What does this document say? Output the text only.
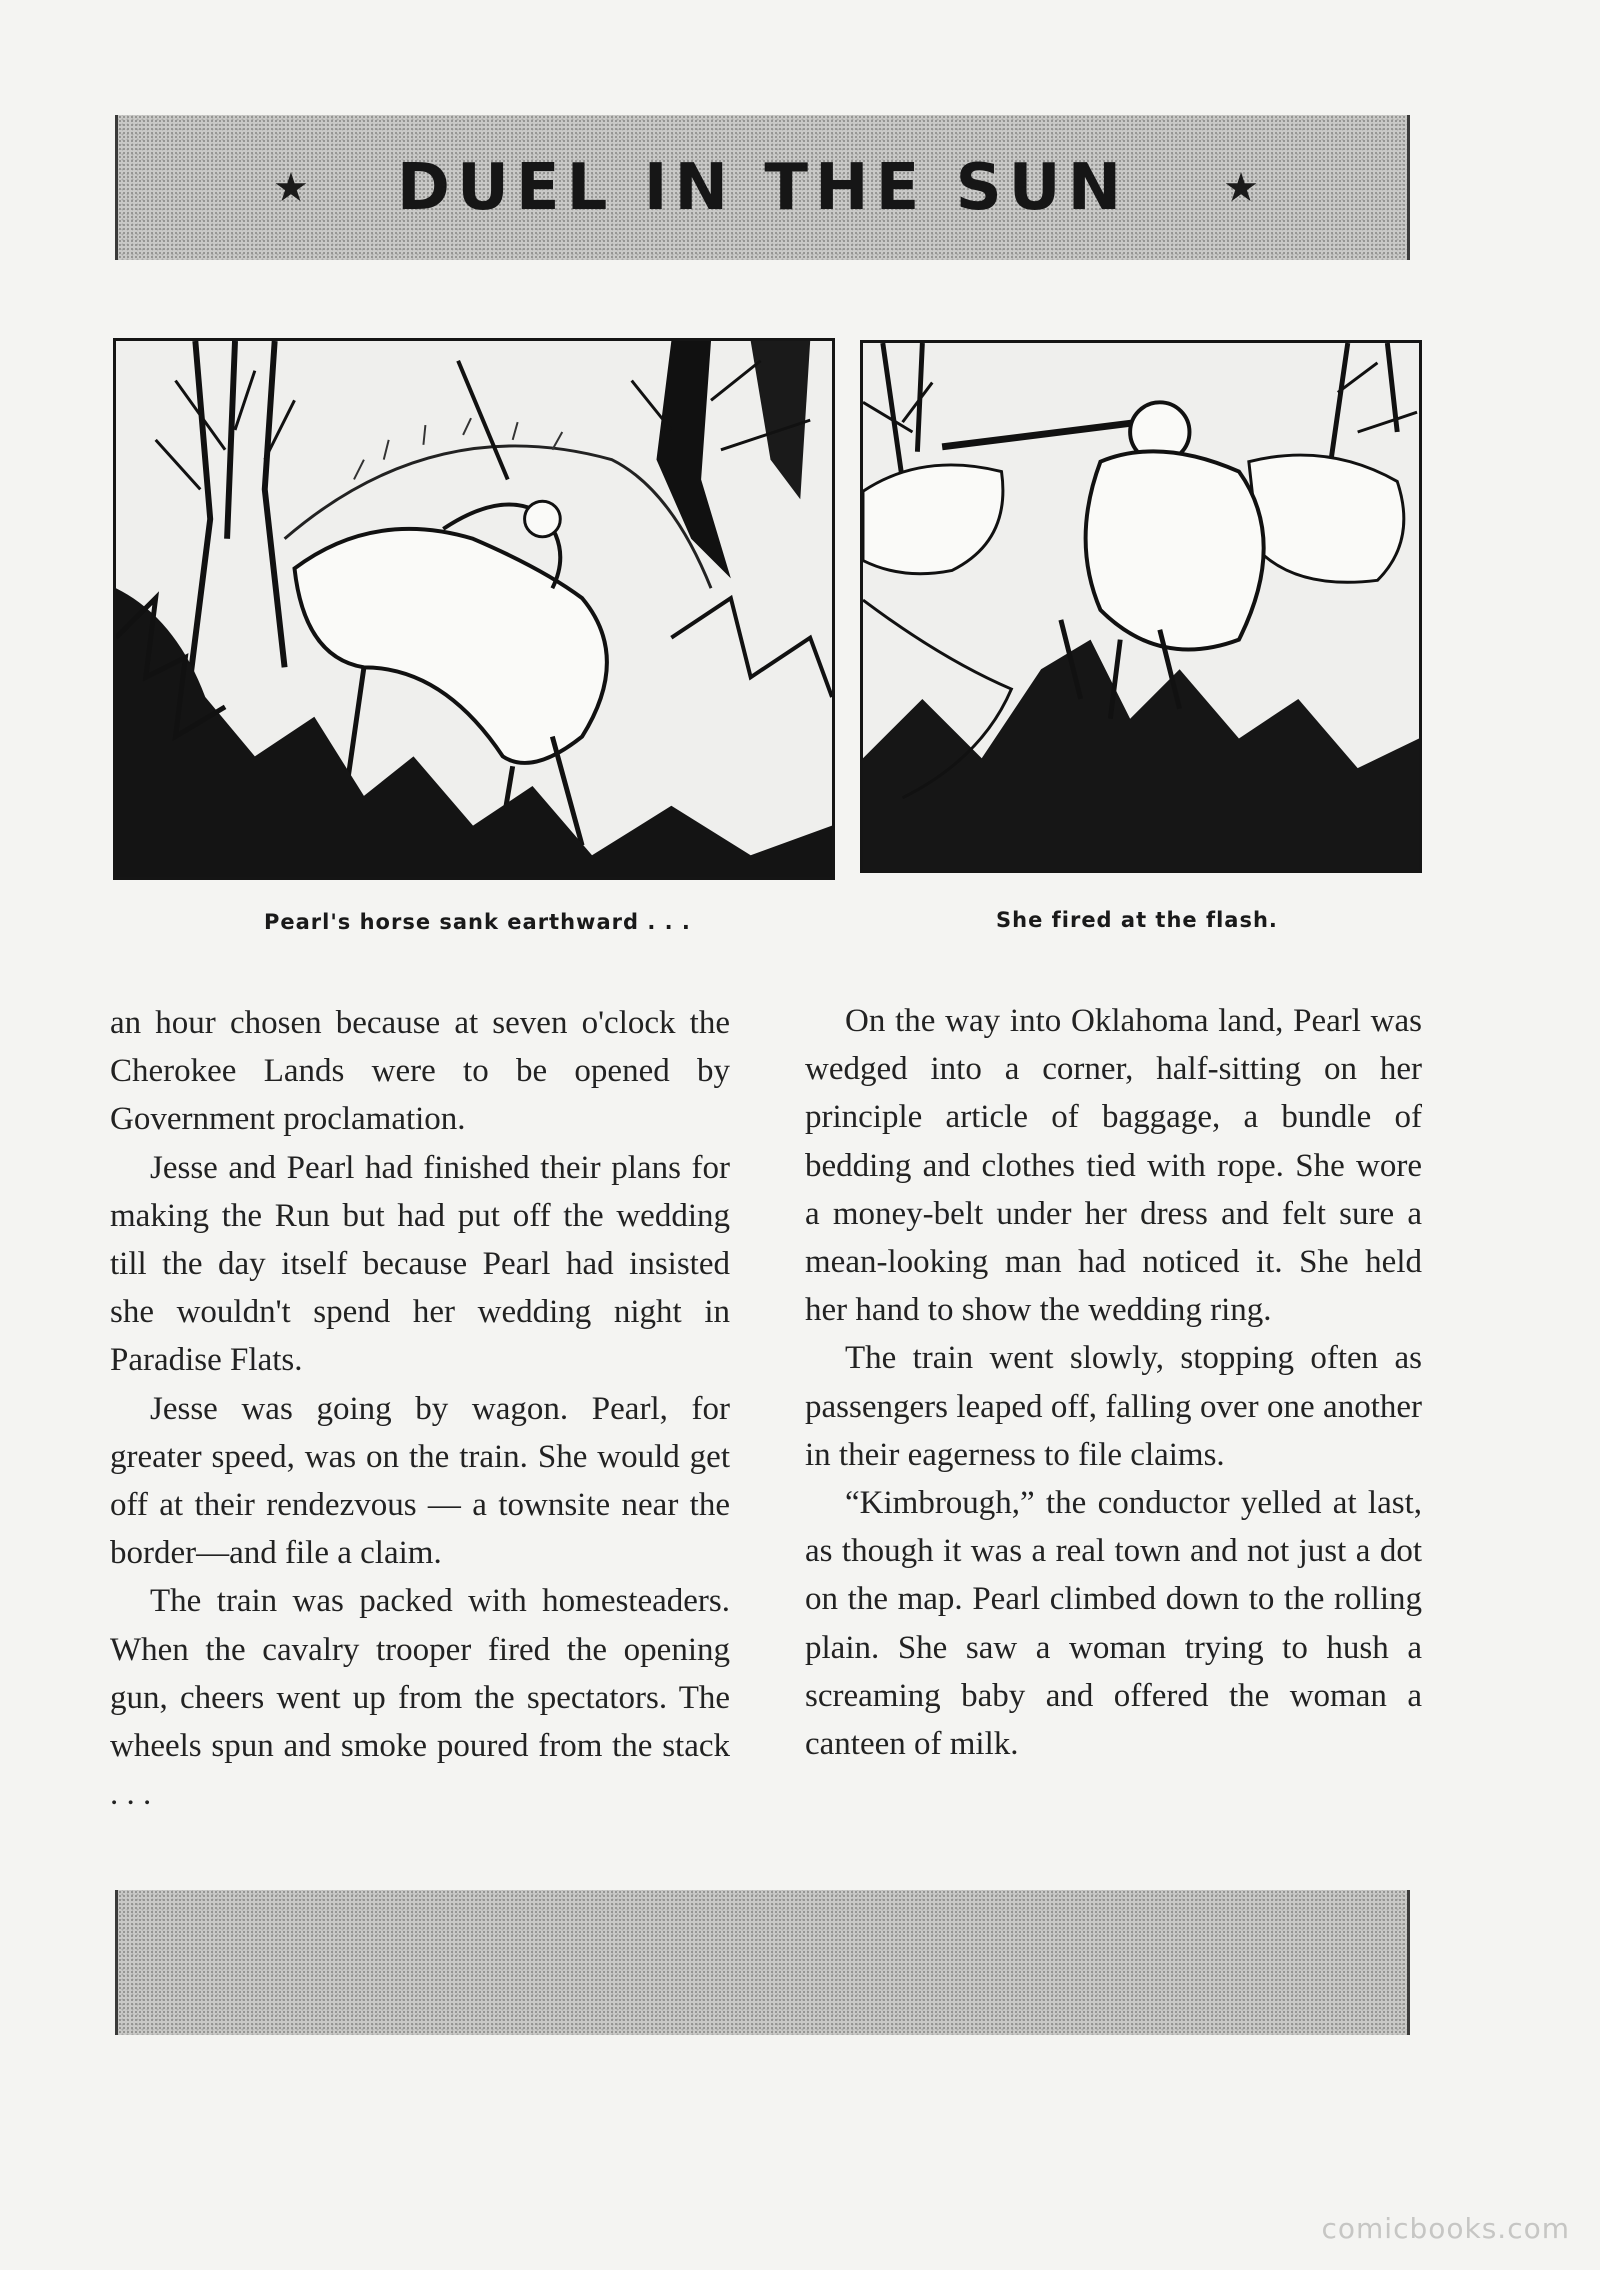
★ DUEL IN THE SUN ★
Pearl's horse sank earthward . . .	She fired at the flash.

an hour chosen because at seven o'clock the Cherokee Lands were to be opened by Government proclamation.

Jesse and Pearl had finished their plans for making the Run but had put off the wedding till the day itself because Pearl had insisted she wouldn't spend her wedding night in Paradise Flats.

Jesse was going by wagon. Pearl, for greater speed, was on the train. She would get off at their rendezvous — a townsite near the border—and file a claim.

The train was packed with homesteaders. When the cavalry trooper fired the opening gun, cheers went up from the spectators. The wheels spun and smoke poured from the stack . . .

On the way into Oklahoma land, Pearl was wedged into a corner, half-sitting on her principle article of baggage, a bundle of bedding and clothes tied with rope. She wore a money-belt under her dress and felt sure a mean-looking man had noticed it. She held her hand to show the wedding ring.

The train went slowly, stopping often as passengers leaped off, falling over one another in their eagerness to file claims.

“Kimbrough,” the conductor yelled at last, as though it was a real town and not just a dot on the map. Pearl climbed down to the rolling plain. She saw a woman trying to hush a screaming baby and offered the woman a canteen of milk.

comicbooks.com
